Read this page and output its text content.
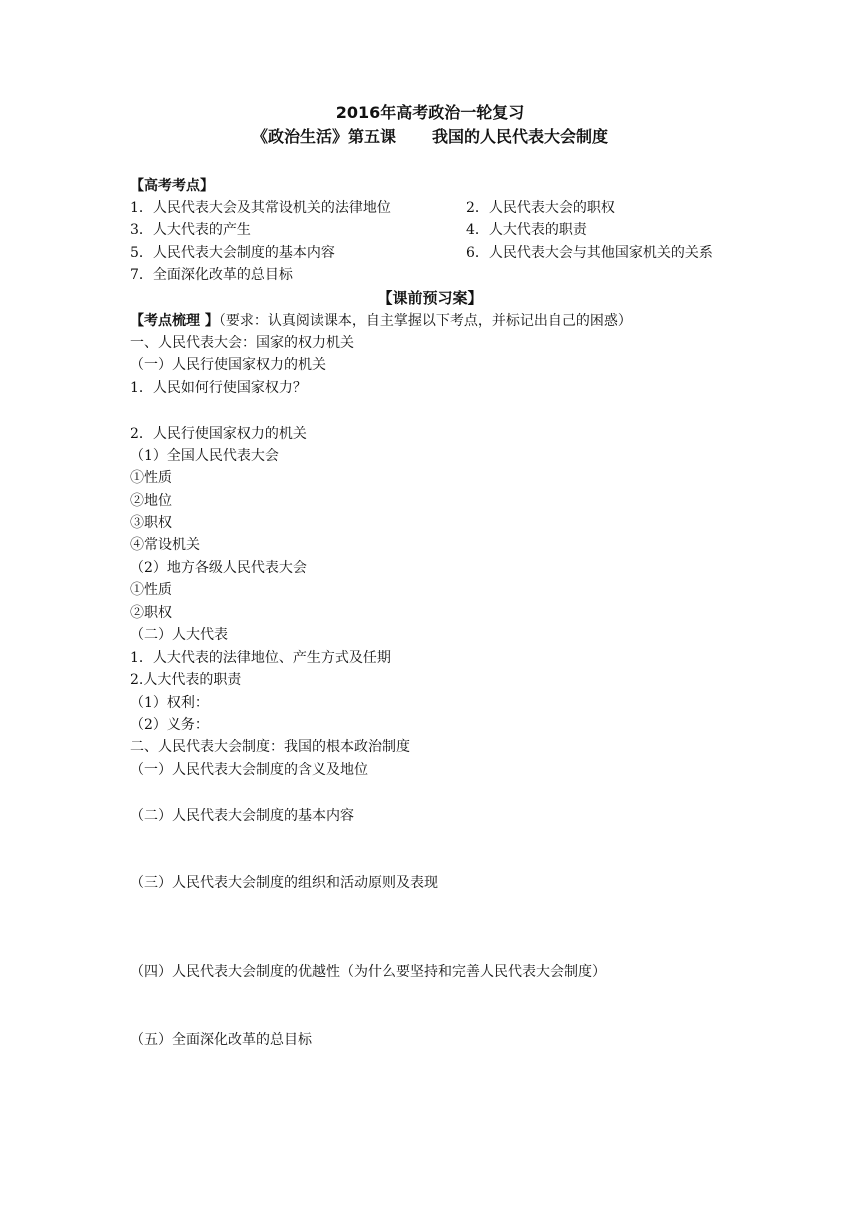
2016年高考政治一轮复习
《政治生活》第五课 我国的人民代表大会制度
【高考考点】
1．人民代表大会及其常设机关的法律地位	2．人民代表大会的职权
3．人大代表的产生	4．人大代表的职责
5．人民代表大会制度的基本内容	6．人民代表大会与其他国家机关的关系
7．全面深化改革的总目标
【课前预习案】
【考点梳理 】（要求：认真阅读课本，自主掌握以下考点，并标记出自己的困惑）
一、人民代表大会：国家的权力机关
（一）人民行使国家权力的机关
1．人民如何行使国家权力？
2．人民行使国家权力的机关
（1）全国人民代表大会
①性质
②地位
③职权
④常设机关
（2）地方各级人民代表大会
①性质
②职权
（二）人大代表
1．人大代表的法律地位、产生方式及任期
2.人大代表的职责
（1）权利：
（2）义务：
二、人民代表大会制度：我国的根本政治制度
（一）人民代表大会制度的含义及地位
（二）人民代表大会制度的基本内容
（三）人民代表大会制度的组织和活动原则及表现
（四）人民代表大会制度的优越性（为什么要坚持和完善人民代表大会制度）
（五）全面深化改革的总目标
